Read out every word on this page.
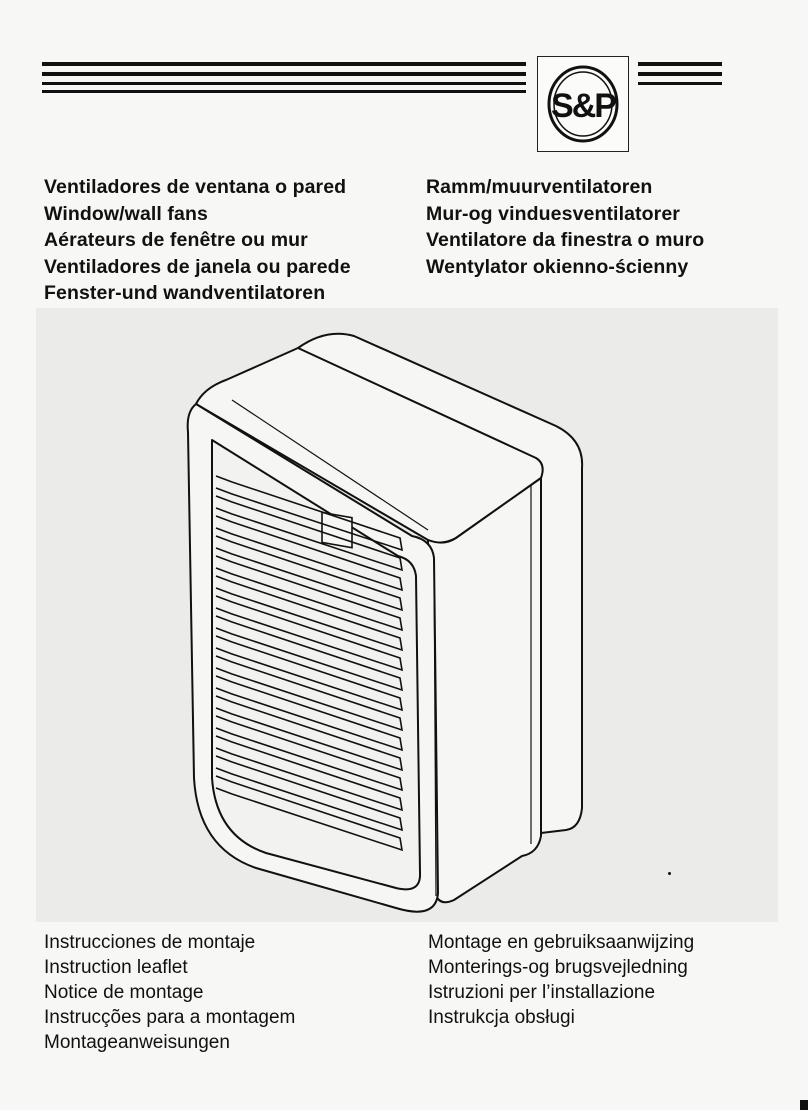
S&P
Ventiladores de ventana o pared
Window/wall fans
Aérateurs de fenêtre ou mur
Ventiladores de janela ou parede
Fenster-und wandventilatoren
Ramm/muurventilatoren
Mur-og vinduesventilatorer
Ventilatore da finestra o muro
Wentylator okienno-ścienny
Instrucciones de montaje
Instruction leaflet
Notice de montage
Instrucções para a montagem
Montageanweisungen
Montage en gebruiksaanwijzing
Monterings-og brugsvejledning
Istruzioni per l’installazione
Instrukcja obsługi
